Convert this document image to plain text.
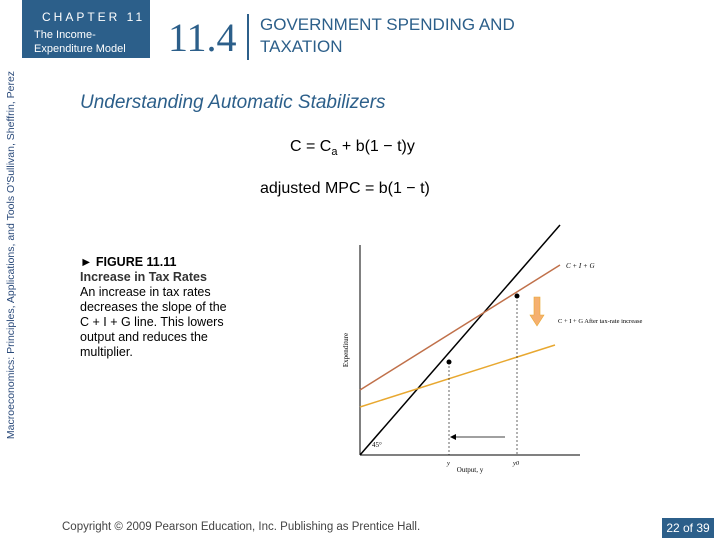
Macroeconomics: Principles, Applications, and Tools O'Sullivan, Sheffrin, Perez
CHAPTER 11
The Income-Expenditure Model	11.4 GOVERNMENT SPENDING AND TAXATION
Understanding Automatic Stabilizers
$C = C_a + b(1 - t)y$
adjusted MPC = b(1 − t)
► FIGURE 11.11
Increase in Tax Rates
An increase in tax rates decreases the slope of the C + I + G line. This lowers output and reduces the multiplier.	Expenditure
Output, y
45°
C + I + G
C + I + G After tax-rate increase
y	y0
Copyright © 2009 Pearson Education, Inc. Publishing as Prentice Hall.	22 of 39
